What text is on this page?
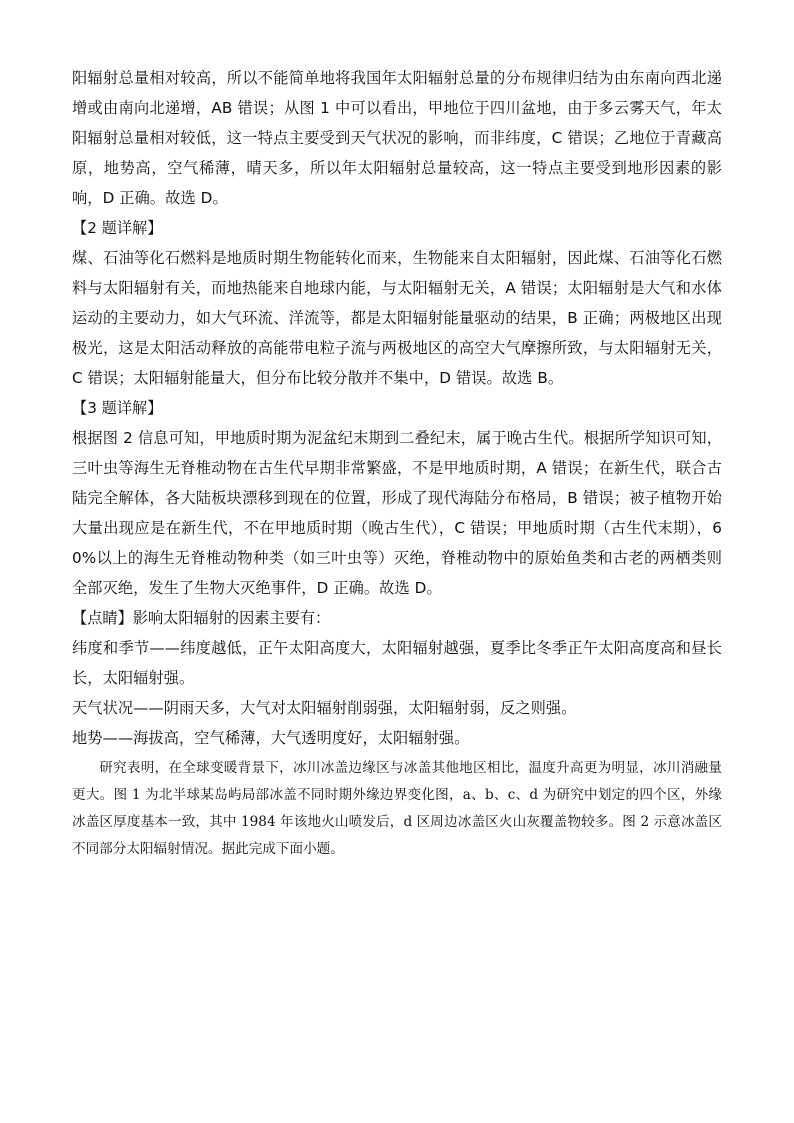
阳辐射总量相对较高，所以不能简单地将我国年太阳辐射总量的分布规律归结为由东南向西北递增或由南向北递增，AB 错误；从图 1 中可以看出，甲地位于四川盆地，由于多云雾天气，年太阳辐射总量相对较低，这一特点主要受到天气状况的影响，而非纬度，C 错误；乙地位于青藏高原，地势高，空气稀薄，晴天多，所以年太阳辐射总量较高，这一特点主要受到地形因素的影响，D 正确。故选 D。

【2 题详解】

煤、石油等化石燃料是地质时期生物能转化而来，生物能来自太阳辐射，因此煤、石油等化石燃料与太阳辐射有关，而地热能来自地球内能，与太阳辐射无关，A 错误；太阳辐射是大气和水体运动的主要动力，如大气环流、洋流等，都是太阳辐射能量驱动的结果，B 正确；两极地区出现极光，这是太阳活动释放的高能带电粒子流与两极地区的高空大气摩擦所致，与太阳辐射无关，C 错误；太阳辐射能量大，但分布比较分散并不集中，D 错误。故选 B。

【3 题详解】

根据图 2 信息可知，甲地质时期为泥盆纪末期到二叠纪末，属于晚古生代。根据所学知识可知，三叶虫等海生无脊椎动物在古生代早期非常繁盛，不是甲地质时期，A 错误；在新生代，联合古陆完全解体，各大陆板块漂移到现在的位置，形成了现代海陆分布格局，B 错误；被子植物开始大量出现应是在新生代，不在甲地质时期（晚古生代），C 错误；甲地质时期（古生代末期），60%以上的海生无脊椎动物种类（如三叶虫等）灭绝，脊椎动物中的原始鱼类和古老的两栖类则全部灭绝，发生了生物大灭绝事件，D 正确。故选 D。

【点睛】影响太阳辐射的因素主要有：

纬度和季节——纬度越低，正午太阳高度大，太阳辐射越强，夏季比冬季正午太阳高度高和昼长长，太阳辐射强。

天气状况——阴雨天多，大气对太阳辐射削弱强，太阳辐射弱，反之则强。

地势——海拔高，空气稀薄，大气透明度好，太阳辐射强。

研究表明，在全球变暖背景下，冰川冰盖边缘区与冰盖其他地区相比，温度升高更为明显，冰川消融量更大。图 1 为北半球某岛屿局部冰盖不同时期外缘边界变化图，a、b、c、d 为研究中划定的四个区，外缘冰盖区厚度基本一致，其中 1984 年该地火山喷发后，d 区周边冰盖区火山灰覆盖物较多。图 2 示意冰盖区不同部分太阳辐射情况。据此完成下面小题。
